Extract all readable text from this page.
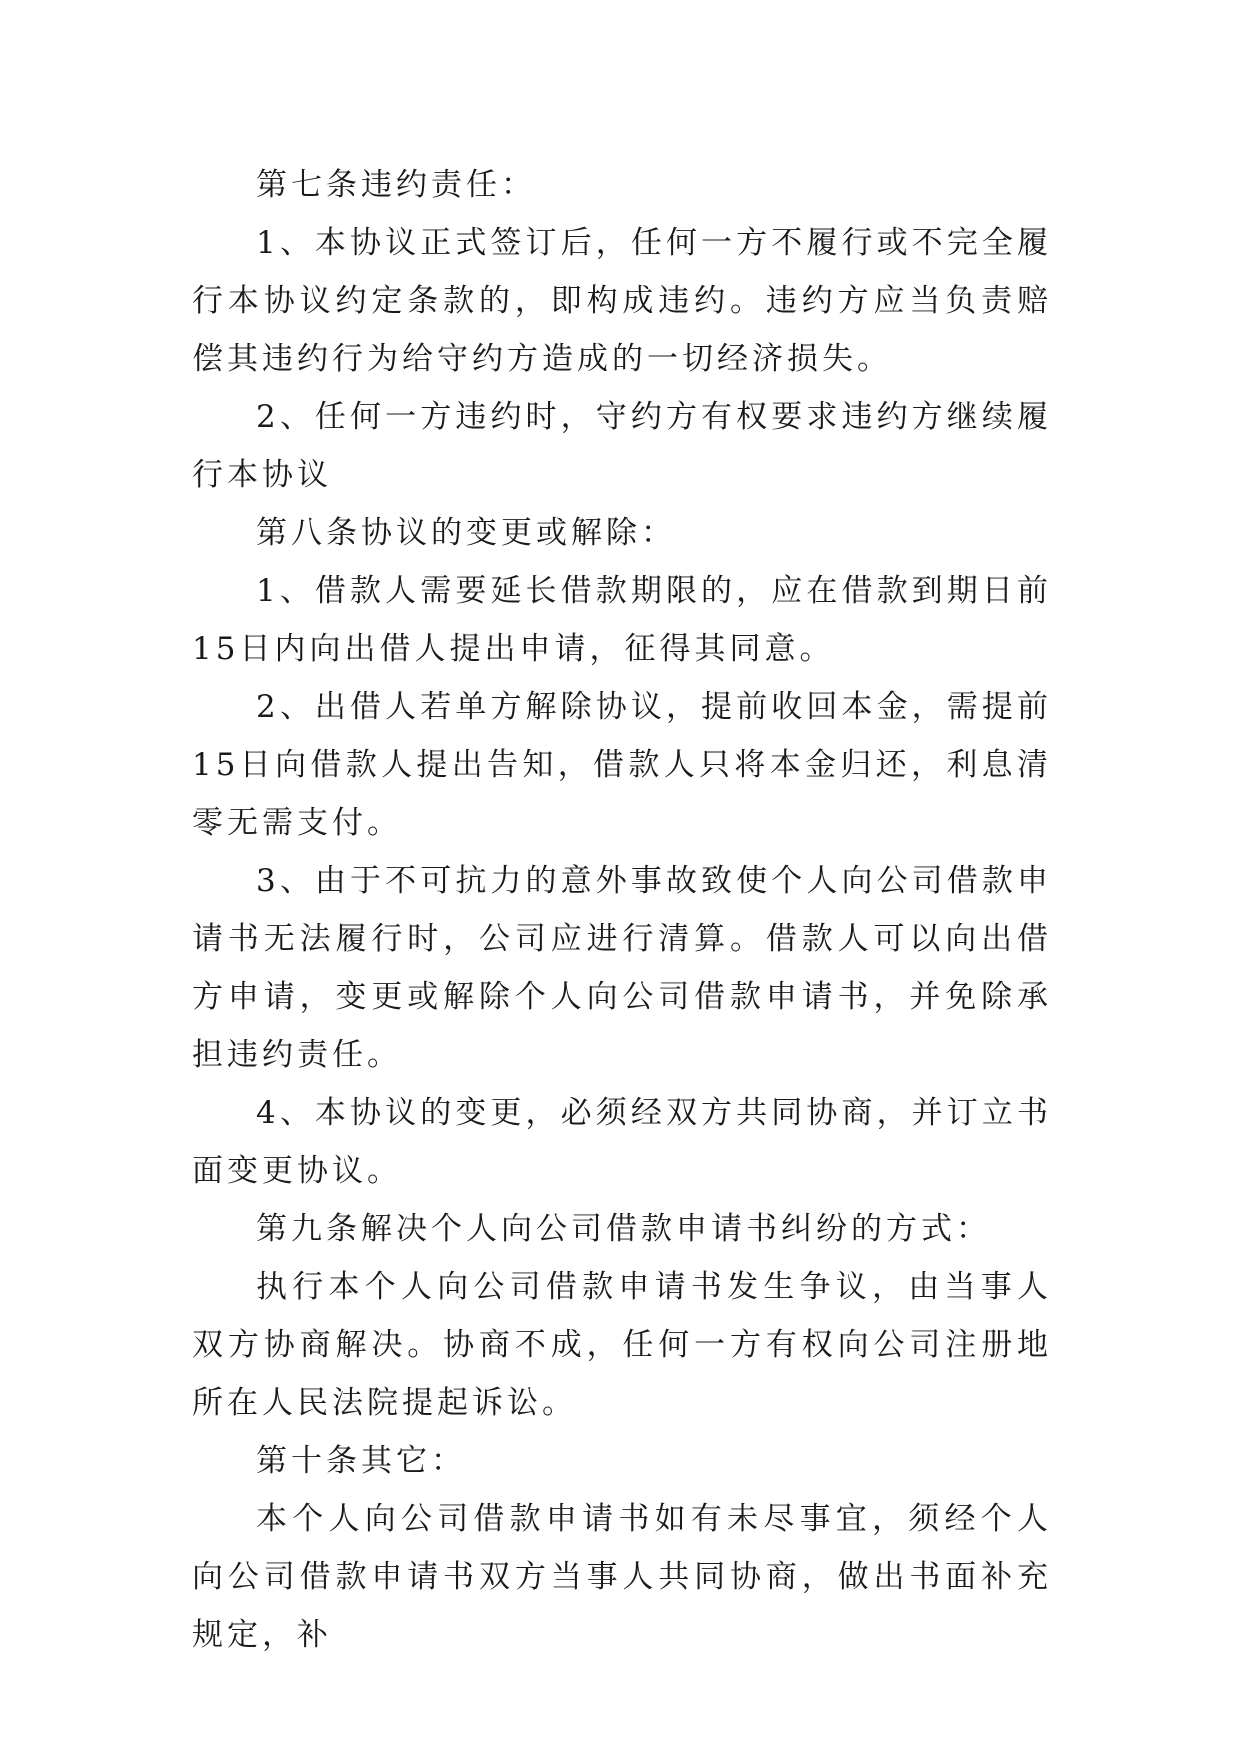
第七条违约责任：

1、本协议正式签订后，任何一方不履行或不完全履行本协议约定条款的，即构成违约。违约方应当负责赔偿其违约行为给守约方造成的一切经济损失。

2、任何一方违约时，守约方有权要求违约方继续履行本协议

第八条协议的变更或解除：

1、借款人需要延长借款期限的，应在借款到期日前15日内向出借人提出申请，征得其同意。

2、出借人若单方解除协议，提前收回本金，需提前15日向借款人提出告知，借款人只将本金归还，利息清零无需支付。

3、由于不可抗力的意外事故致使个人向公司借款申请书无法履行时，公司应进行清算。借款人可以向出借方申请，变更或解除个人向公司借款申请书，并免除承担违约责任。

4、本协议的变更，必须经双方共同协商，并订立书面变更协议。

第九条解决个人向公司借款申请书纠纷的方式：

执行本个人向公司借款申请书发生争议，由当事人双方协商解决。协商不成，任何一方有权向公司注册地所在人民法院提起诉讼。

第十条其它：

本个人向公司借款申请书如有未尽事宜，须经个人向公司借款申请书双方当事人共同协商，做出书面补充规定，补
